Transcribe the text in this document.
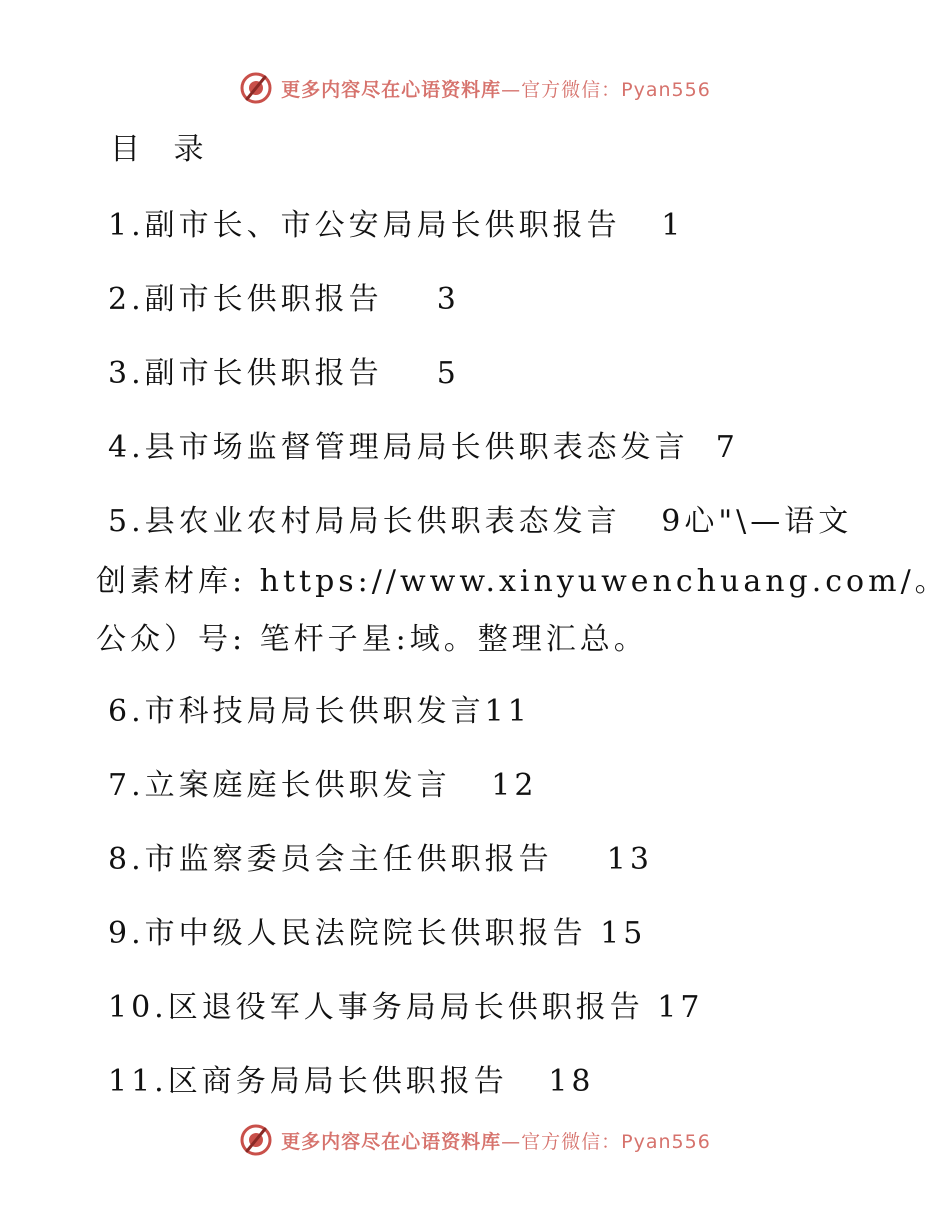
更多内容尽在心语资料库—官方微信：Pyan556
目 录
1.副市长、市公安局局长供职报告   1
2.副市长供职报告    3
3.副市长供职报告    5
4.县市场监督管理局局长供职表态发言  7
5.县农业农村局局长供职表态发言   9心"\—语文
创素材库: https://www.xinyuwenchuang.com/。
公众）号: 笔杆子星:域。整理汇总。
6.市科技局局长供职发言11
7.立案庭庭长供职发言   12
8.市监察委员会主任供职报告    13
9.市中级人民法院院长供职报告 15
10.区退役军人事务局局长供职报告 17
11.区商务局局长供职报告   18
更多内容尽在心语资料库—官方微信：Pyan556
